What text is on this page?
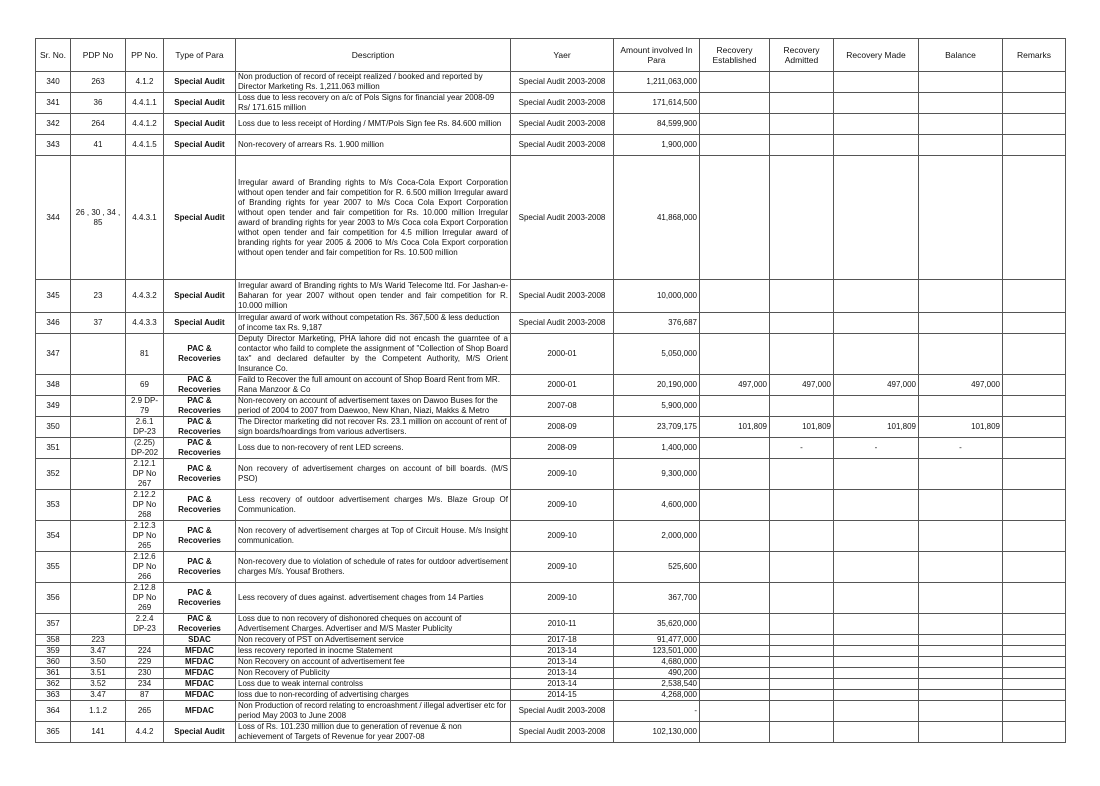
Sr. No.	PDP No	PP No.	Type of Para	Description	Yaer	Amount involved In Para	Recovery Established	Recovery Admitted	Recovery Made	Balance	Remarks
340	263	4.1.2	Special Audit	Non production of record of receipt realized / booked and reported by Director Marketing Rs. 1,211.063 million	Special Audit 2003-2008	1,211,063,000					
341	36	4.4.1.1	Special Audit	Loss due to less recovery on a/c of Pols Signs for financial year 2008-09 Rs/ 171.615 million	Special Audit 2003-2008	171,614,500					
342	264	4.4.1.2	Special Audit	Loss due to less receipt of Hording / MMT/Pols Sign fee Rs. 84.600 million	Special Audit 2003-2008	84,599,900					
343	41	4.4.1.5	Special Audit	Non-recovery of arrears Rs. 1.900 million	Special Audit 2003-2008	1,900,000					
344	26 , 30 , 34 , 85	4.4.3.1	Special Audit	Irregular award of Branding rights to M/s Coca-Cola Export Corporation without open tender and fair competition for R. 6.500 million Irregular award of Branding rights for year 2007 to M/s Coca Cola Export Corporation without open tender and fair competition for Rs. 10.000 million Irregular award of branding rights for year 2003 to M/s Coca cola Export Corporation withot open tender and fair competition for 4.5 million Irregular award of branding rights for year 2005 & 2006 to M/s Coca Cola Export corporation without open tender and fair competition for Rs. 10.500 million	Special Audit 2003-2008	41,868,000					
345	23	4.4.3.2	Special Audit	Irregular award of Branding rights to M/s Warid Telecome ltd. For Jashan-e-Baharan for year 2007 without open tender and fair competition for R. 10.000 million	Special Audit 2003-2008	10,000,000					
346	37	4.4.3.3	Special Audit	Irregular award of work without competation Rs. 367,500 & less deduction of income tax Rs. 9,187	Special Audit 2003-2008	376,687					
347		81	PAC & Recoveries	Deputy Director Marketing, PHA lahore did not encash the guarntee of a contactor who faild to complete the assignment of "Collection of Shop Board tax" and declared defaulter by the Competent Authority, M/S Orient Insurance Co.	2000-01	5,050,000					
348		69	PAC & Recoveries	Faild to Recover the full amount on account of Shop Board Rent from MR. Rana Manzoor & Co	2000-01	20,190,000	497,000	497,000	497,000	497,000	
349		2.9 DP-79	PAC & Recoveries	Non-recovery on account of advertisement taxes on Dawoo Buses for the period of 2004 to 2007 from Daewoo, New Khan, Niazi, Makks & Metro	2007-08	5,900,000					
350		2.6.1 DP-23	PAC & Recoveries	The Director marketing did not recover Rs. 23.1 million on account of rent of sign boards/hoardings from various advertisers.	2008-09	23,709,175	101,809	101,809	101,809	101,809	
351		(2.25) DP-202	PAC & Recoveries	Loss due to non-recovery of rent LED screens.	2008-09	1,400,000		-	-	-	
352		2.12.1 DP No 267	PAC & Recoveries	Non recovery of advertisement charges on account of bill boards. (M/S PSO)	2009-10	9,300,000					
353		2.12.2 DP No 268	PAC & Recoveries	Less recovery of outdoor advertisement charges M/s. Blaze Group Of Communication.	2009-10	4,600,000					
354		2.12.3 DP No 265	PAC & Recoveries	Non recovery of advertisement charges at Top of Circuit House. M/s Insight communication.	2009-10	2,000,000					
355		2.12.6 DP No 266	PAC & Recoveries	Non-recovery due to violation of schedule of rates for outdoor advertisement charges M/s. Yousaf Brothers.	2009-10	525,600					
356		2.12.8 DP No 269	PAC & Recoveries	Less recovery of dues against. advertisement chages from 14 Parties	2009-10	367,700					
357		2.2.4 DP-23	PAC & Recoveries	Loss due to non recovery of dishonored cheques on account of Advertisement Charges. Advertiser and M/S Master Publicity	2010-11	35,620,000					
358	223		SDAC	Non recovery of PST on Advertisement service	2017-18	91,477,000					
359	3.47	224	MFDAC	less recovery reported in inocme Statement	2013-14	123,501,000					
360	3.50	229	MFDAC	Non Recovery on account of advertisement fee	2013-14	4,680,000					
361	3.51	230	MFDAC	Non Recovery of Publicity	2013-14	490,200					
362	3.52	234	MFDAC	Loss due to weak internal controlss	2013-14	2,538,540					
363	3.47	87	MFDAC	loss due to non-recording of advertising charges	2014-15	4,268,000					
364	1.1.2	265	MFDAC	Non Production of record relating to encroashment / illegal advertiser etc for period May 2003 to June 2008	Special Audit 2003-2008	-					
365	141	4.4.2	Special Audit	Loss of Rs. 101.230 million due to generation of revenue & non achievement of Targets of Revenue for year 2007-08	Special Audit 2003-2008	102,130,000					
